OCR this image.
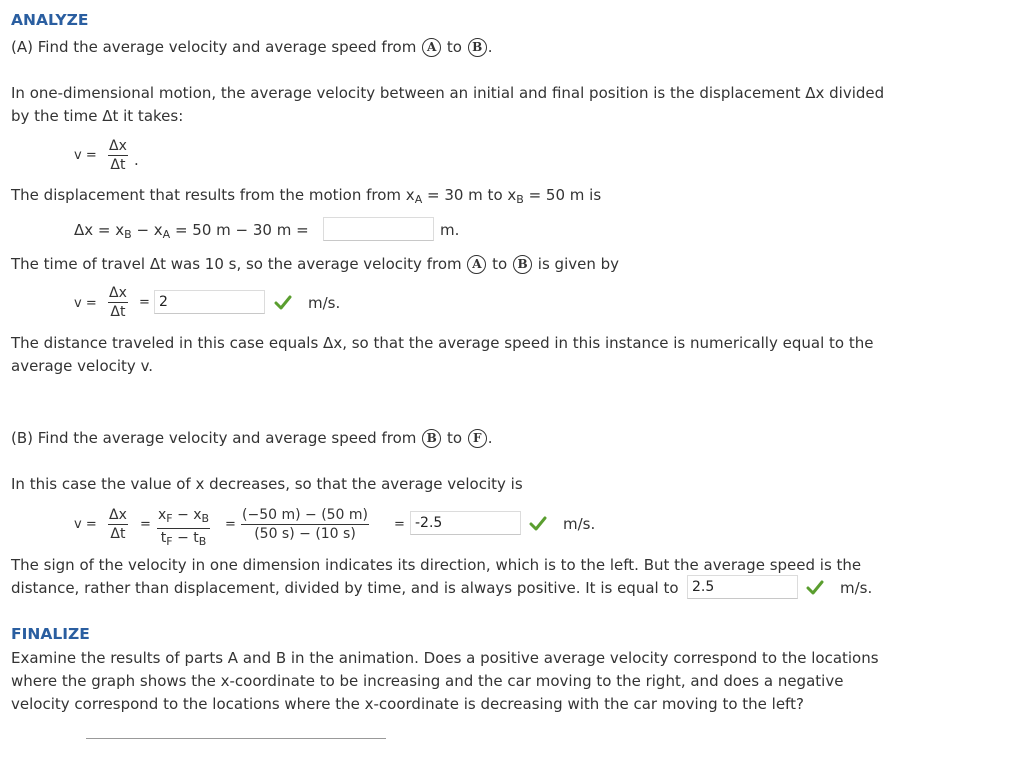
ANALYZE
(A) Find the average velocity and average speed from A to B .
In one-dimensional motion, the average velocity between an initial and final position is the displacement Δx divided
by the time Δt it takes:
$v = \frac{\Delta x}{\Delta t}$ .
The displacement that results from the motion from $x_A = 30$ m to $x_B = 50$ m is
$\Delta x = x_B - x_A = 50$ m − 30 m =	m.
The time of travel Δt was 10 s, so the average velocity from A to B is given by
$v = \frac{\Delta x}{\Delta t}$ =
2	m/s.
The distance traveled in this case equals Δx, so that the average speed in this instance is numerically equal to the
average velocity v.
(B) Find the average velocity and average speed from B to F .
In this case the value of x decreases, so that the average velocity is
$v = \frac{\Delta x}{\Delta t} = \frac{x_F - x_B}{t_F - t_B} = \frac{(-50 m) - (50 m)}{(50 s) - (10 s)}$ =
-2.5	m/s.
The sign of the velocity in one dimension indicates its direction, which is to the left. But the average speed is the
distance, rather than displacement, divided by time, and is always positive. It is equal to
2.5	m/s.
FINALIZE
Examine the results of parts A and B in the animation. Does a positive average velocity correspond to the locations
where the graph shows the x-coordinate to be increasing and the car moving to the right, and does a negative
velocity correspond to the locations where the x-coordinate is decreasing with the car moving to the left?
